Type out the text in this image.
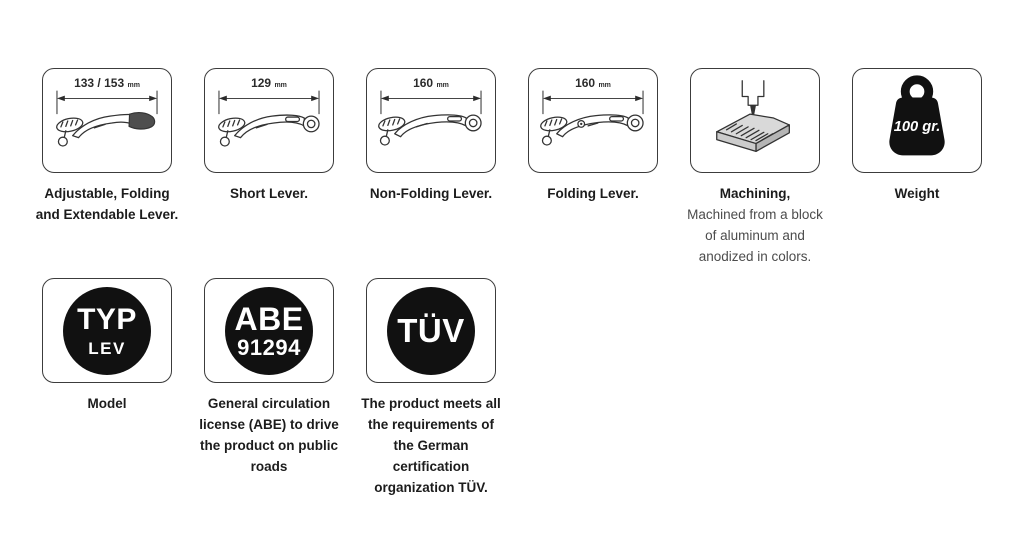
133 / 153 mm
Adjustable, Folding
and Extendable Lever.
129 mm
Short Lever.
160 mm
Non-Folding Lever.
160 mm
Folding Lever.	Machining,
Machined from a block
of aluminum and
anodized in colors.
100 gr.
Weight
TYP
LEV
Model
ABE
91294
General circulation
license (ABE) to drive
the product on public
roads
TÜV
The product meets all
the requirements of
the German
certification
organization TÜV.
